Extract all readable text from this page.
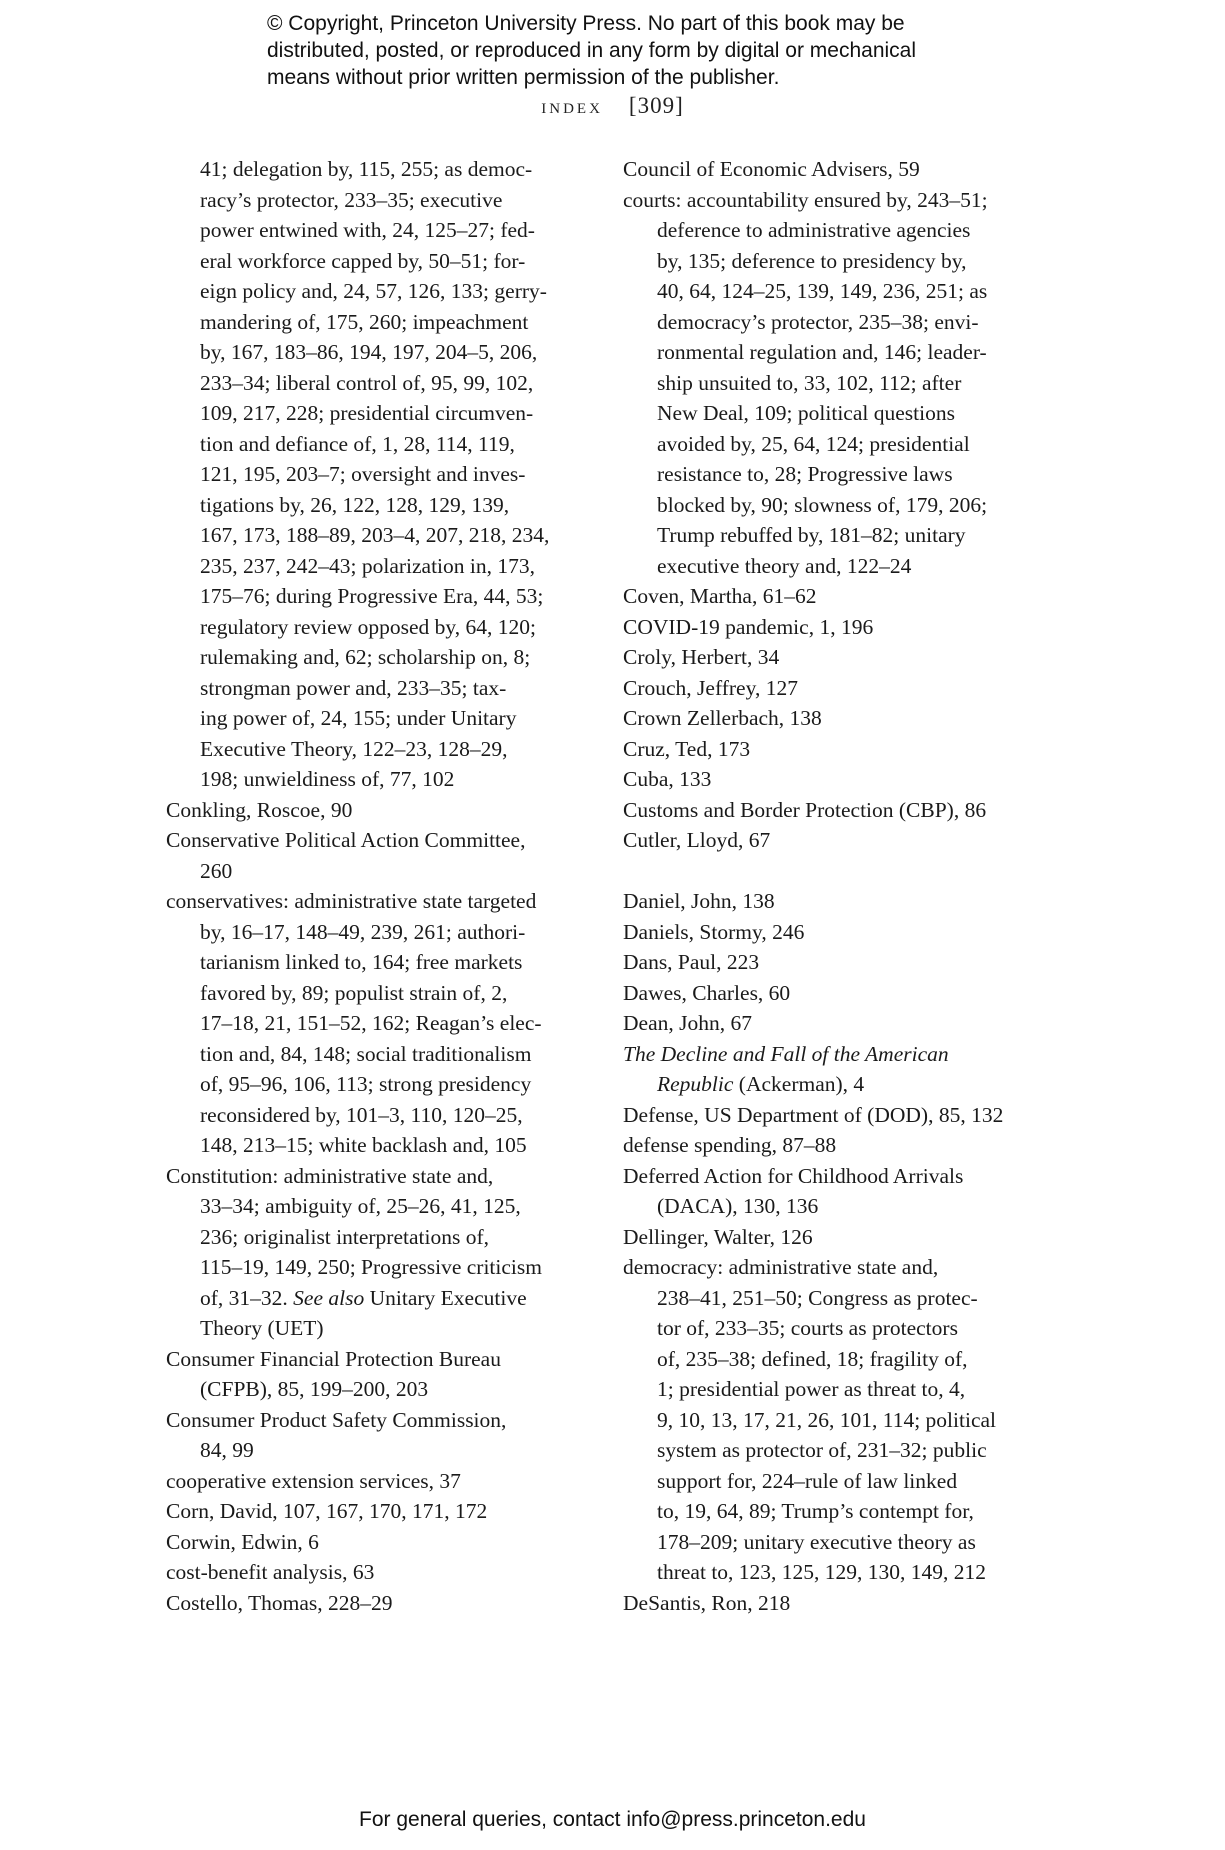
© Copyright, Princeton University Press. No part of this book may be
distributed, posted, or reproduced in any form by digital or mechanical
means without prior written permission of the publisher.
index [309]
41; delegation by, 115, 255; as democ-
racy’s protector, 233–35; executive
power entwined with, 24, 125–27; fed-
eral workforce capped by, 50–51; for-
eign policy and, 24, 57, 126, 133; gerry-
mandering of, 175, 260; impeachment
by, 167, 183–86, 194, 197, 204–5, 206,
233–34; liberal control of, 95, 99, 102,
109, 217, 228; presidential circumven-
tion and defiance of, 1, 28, 114, 119,
121, 195, 203–7; oversight and inves-
tigations by, 26, 122, 128, 129, 139,
167, 173, 188–89, 203–4, 207, 218, 234,
235, 237, 242–43; polarization in, 173,
175–76; during Progressive Era, 44, 53;
regulatory review opposed by, 64, 120;
rulemaking and, 62; scholarship on, 8;
strongman power and, 233–35; tax-
ing power of, 24, 155; under Unitary
Executive Theory, 122–23, 128–29,
198; unwieldiness of, 77, 102
Conkling, Roscoe, 90
Conservative Political Action Committee,
260
conservatives: administrative state targeted
by, 16–17, 148–49, 239, 261; authori-
tarianism linked to, 164; free markets
favored by, 89; populist strain of, 2,
17–18, 21, 151–52, 162; Reagan’s elec-
tion and, 84, 148; social traditionalism
of, 95–96, 106, 113; strong presidency
reconsidered by, 101–3, 110, 120–25,
148, 213–15; white backlash and, 105
Constitution: administrative state and,
33–34; ambiguity of, 25–26, 41, 125,
236; originalist interpretations of,
115–19, 149, 250; Progressive criticism
of, 31–32. See also Unitary Executive
Theory (UET)
Consumer Financial Protection Bureau
(CFPB), 85, 199–200, 203
Consumer Product Safety Commission,
84, 99
cooperative extension services, 37
Corn, David, 107, 167, 170, 171, 172
Corwin, Edwin, 6
cost-benefit analysis, 63
Costello, Thomas, 228–29
Council of Economic Advisers, 59
courts: accountability ensured by, 243–51;
deference to administrative agencies
by, 135; deference to presidency by,
40, 64, 124–25, 139, 149, 236, 251; as
democracy’s protector, 235–38; envi-
ronmental regulation and, 146; leader-
ship unsuited to, 33, 102, 112; after
New Deal, 109; political questions
avoided by, 25, 64, 124; presidential
resistance to, 28; Progressive laws
blocked by, 90; slowness of, 179, 206;
Trump rebuffed by, 181–82; unitary
executive theory and, 122–24
Coven, Martha, 61–62
COVID-19 pandemic, 1, 196
Croly, Herbert, 34
Crouch, Jeffrey, 127
Crown Zellerbach, 138
Cruz, Ted, 173
Cuba, 133
Customs and Border Protection (CBP), 86
Cutler, Lloyd, 67
Daniel, John, 138
Daniels, Stormy, 246
Dans, Paul, 223
Dawes, Charles, 60
Dean, John, 67
The Decline and Fall of the American
Republic (Ackerman), 4
Defense, US Department of (DOD), 85, 132
defense spending, 87–88
Deferred Action for Childhood Arrivals
(DACA), 130, 136
Dellinger, Walter, 126
democracy: administrative state and,
238–41, 251–50; Congress as protec-
tor of, 233–35; courts as protectors
of, 235–38; defined, 18; fragility of,
1; presidential power as threat to, 4,
9, 10, 13, 17, 21, 26, 101, 114; political
system as protector of, 231–32; public
support for, 224–rule of law linked
to, 19, 64, 89; Trump’s contempt for,
178–209; unitary executive theory as
threat to, 123, 125, 129, 130, 149, 212
DeSantis, Ron, 218
For general queries, contact info@press.princeton.edu
